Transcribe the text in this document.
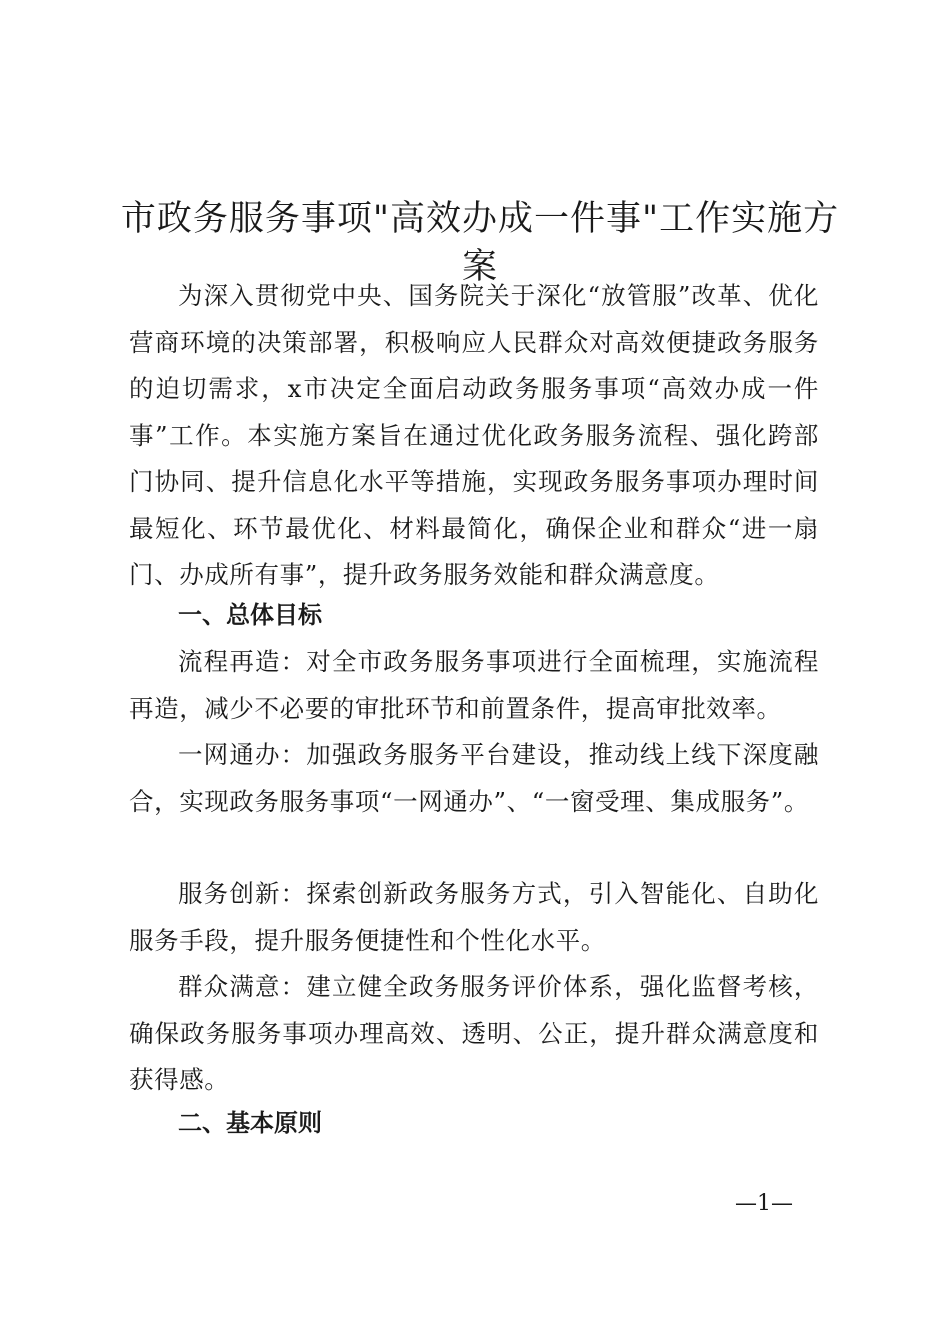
市政务服务事项"高效办成一件事"工作实施方案

为深入贯彻党中央、国务院关于深化“放管服”改革、优化营商环境的决策部署，积极响应人民群众对高效便捷政务服务的迫切需求，x市决定全面启动政务服务事项“高效办成一件事”工作。本实施方案旨在通过优化政务服务流程、强化跨部门协同、提升信息化水平等措施，实现政务服务事项办理时间最短化、环节最优化、材料最简化，确保企业和群众“进一扇门、办成所有事”，提升政务服务效能和群众满意度。

一、总体目标

流程再造：对全市政务服务事项进行全面梳理，实施流程再造，减少不必要的审批环节和前置条件，提高审批效率。

一网通办：加强政务服务平台建设，推动线上线下深度融合，实现政务服务事项“一网通办”、“一窗受理、集成服务”。

服务创新：探索创新政务服务方式，引入智能化、自助化服务手段，提升服务便捷性和个性化水平。

群众满意：建立健全政务服务评价体系，强化监督考核，确保政务服务事项办理高效、透明、公正，提升群众满意度和获得感。

二、基本原则
—1—
